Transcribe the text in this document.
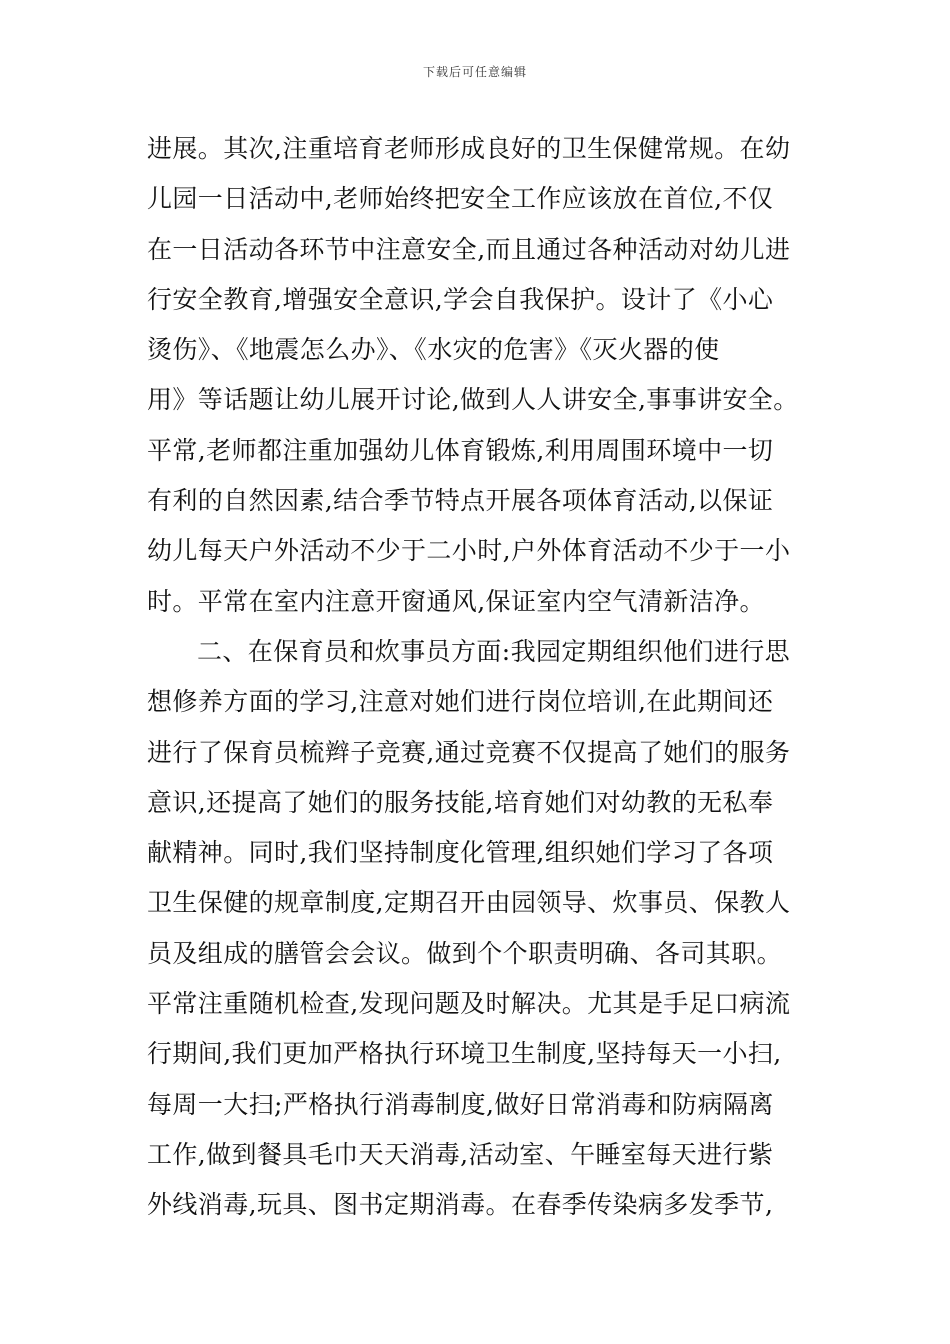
下载后可任意编辑
进展。其次,注重培育老师形成良好的卫生保健常规。在幼
儿园一日活动中,老师始终把安全工作应该放在首位,不仅
在一日活动各环节中注意安全,而且通过各种活动对幼儿进
行安全教育,增强安全意识,学会自我保护。设计了《小心
烫伤》、《地震怎么办》、《水灾的危害》《灭火器的使
用》等话题让幼儿展开讨论,做到人人讲安全,事事讲安全。
平常,老师都注重加强幼儿体育锻炼,利用周围环境中一切
有利的自然因素,结合季节特点开展各项体育活动,以保证
幼儿每天户外活动不少于二小时,户外体育活动不少于一小
时。平常在室内注意开窗通风,保证室内空气清新洁净。
二、在保育员和炊事员方面:我园定期组织他们进行思
想修养方面的学习,注意对她们进行岗位培训,在此期间还
进行了保育员梳辫子竞赛,通过竞赛不仅提高了她们的服务
意识,还提高了她们的服务技能,培育她们对幼教的无私奉
献精神。同时,我们坚持制度化管理,组织她们学习了各项
卫生保健的规章制度,定期召开由园领导、炊事员、保教人
员及组成的膳管会会议。做到个个职责明确、各司其职。
平常注重随机检查,发现问题及时解决。尤其是手足口病流
行期间,我们更加严格执行环境卫生制度,坚持每天一小扫,
每周一大扫;严格执行消毒制度,做好日常消毒和防病隔离
工作,做到餐具毛巾天天消毒,活动室、午睡室每天进行紫
外线消毒,玩具、图书定期消毒。在春季传染病多发季节,
